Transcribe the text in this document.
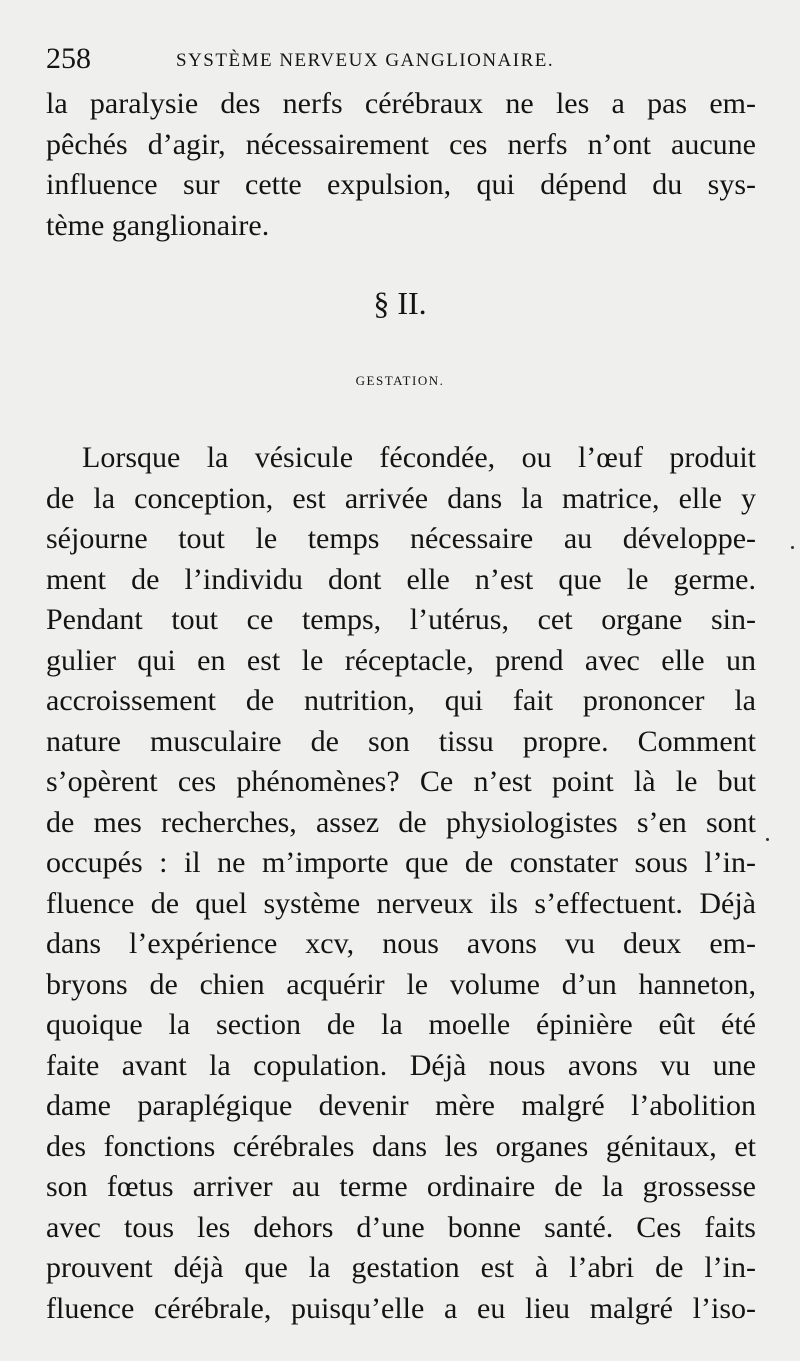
258	SYSTÈME NERVEUX GANGLIONAIRE.
la paralysie des nerfs cérébraux ne les a pas em-
pêchés d’agir, nécessairement ces nerfs n’ont aucune
influence sur cette expulsion, qui dépend du sys-
tème ganglionaire.
§ II.
GESTATION.
Lorsque la vésicule fécondée, ou l’œuf produit
de la conception, est arrivée dans la matrice, elle y
séjourne tout le temps nécessaire au développe-
ment de l’individu dont elle n’est que le germe.
Pendant tout ce temps, l’utérus, cet organe sin-
gulier qui en est le réceptacle, prend avec elle un
accroissement de nutrition, qui fait prononcer la
nature musculaire de son tissu propre. Comment
s’opèrent ces phénomènes? Ce n’est point là le but
de mes recherches, assez de physiologistes s’en sont
occupés : il ne m’importe que de constater sous l’in-
fluence de quel système nerveux ils s’effectuent. Déjà
dans l’expérience xcv, nous avons vu deux em-
bryons de chien acquérir le volume d’un hanneton,
quoique la section de la moelle épinière eût été
faite avant la copulation. Déjà nous avons vu une
dame paraplégique devenir mère malgré l’abolition
des fonctions cérébrales dans les organes génitaux, et
son fœtus arriver au terme ordinaire de la grossesse
avec tous les dehors d’une bonne santé. Ces faits
prouvent déjà que la gestation est à l’abri de l’in-
fluence cérébrale, puisqu’elle a eu lieu malgré l’iso-
